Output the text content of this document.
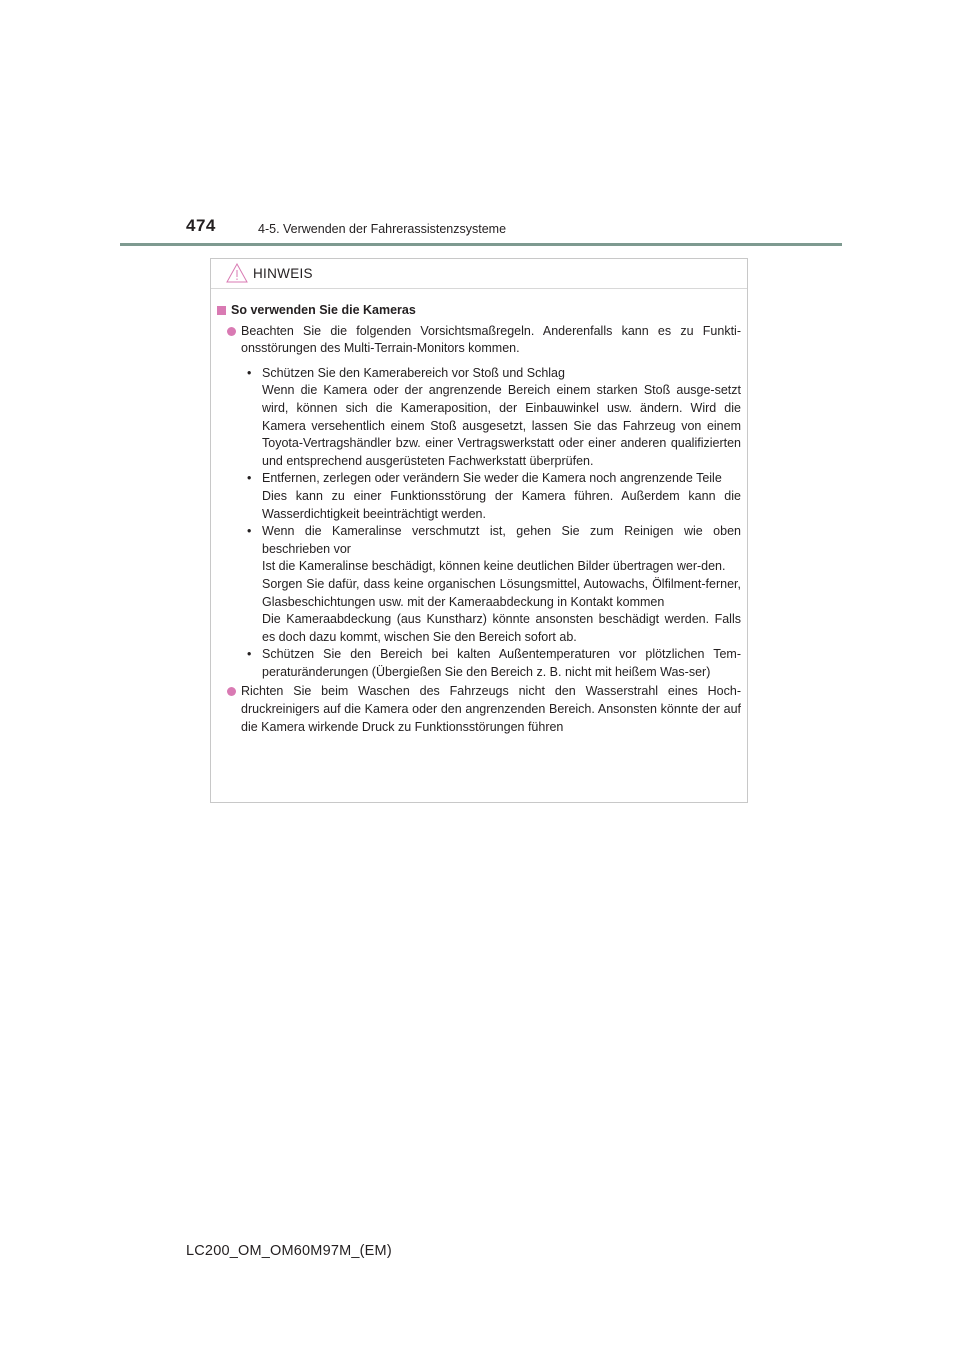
474	4-5. Verwenden der Fahrerassistenzsysteme
HINWEIS
So verwenden Sie die Kameras
Beachten Sie die folgenden Vorsichtsmaßregeln. Anderenfalls kann es zu Funkti-onsstörungen des Multi-Terrain-Monitors kommen.
• Schützen Sie den Kamerabereich vor Stoß und Schlag
Wenn die Kamera oder der angrenzende Bereich einem starken Stoß ausge-setzt wird, können sich die Kameraposition, der Einbauwinkel usw. ändern. Wird die Kamera versehentlich einem Stoß ausgesetzt, lassen Sie das Fahrzeug von einem Toyota-Vertragshändler bzw. einer Vertragswerkstatt oder einer anderen qualifizierten und entsprechend ausgerüsteten Fachwerkstatt überprüfen.
• Entfernen, zerlegen oder verändern Sie weder die Kamera noch angrenzende Teile
Dies kann zu einer Funktionsstörung der Kamera führen. Außerdem kann die Wasserdichtigkeit beeinträchtigt werden.
• Wenn die Kameralinse verschmutzt ist, gehen Sie zum Reinigen wie oben beschrieben vor
Ist die Kameralinse beschädigt, können keine deutlichen Bilder übertragen wer-den.
Sorgen Sie dafür, dass keine organischen Lösungsmittel, Autowachs, Ölfilment-ferner, Glasbeschichtungen usw. mit der Kameraabdeckung in Kontakt kommen
Die Kameraabdeckung (aus Kunstharz) könnte ansonsten beschädigt werden. Falls es doch dazu kommt, wischen Sie den Bereich sofort ab.
• Schützen Sie den Bereich bei kalten Außentemperaturen vor plötzlichen Tem-peraturänderungen (Übergießen Sie den Bereich z. B. nicht mit heißem Was-ser)
Richten Sie beim Waschen des Fahrzeugs nicht den Wasserstrahl eines Hoch-druckreinigers auf die Kamera oder den angrenzenden Bereich. Ansonsten könnte der auf die Kamera wirkende Druck zu Funktionsstörungen führen
LC200_OM_OM60M97M_(EM)
